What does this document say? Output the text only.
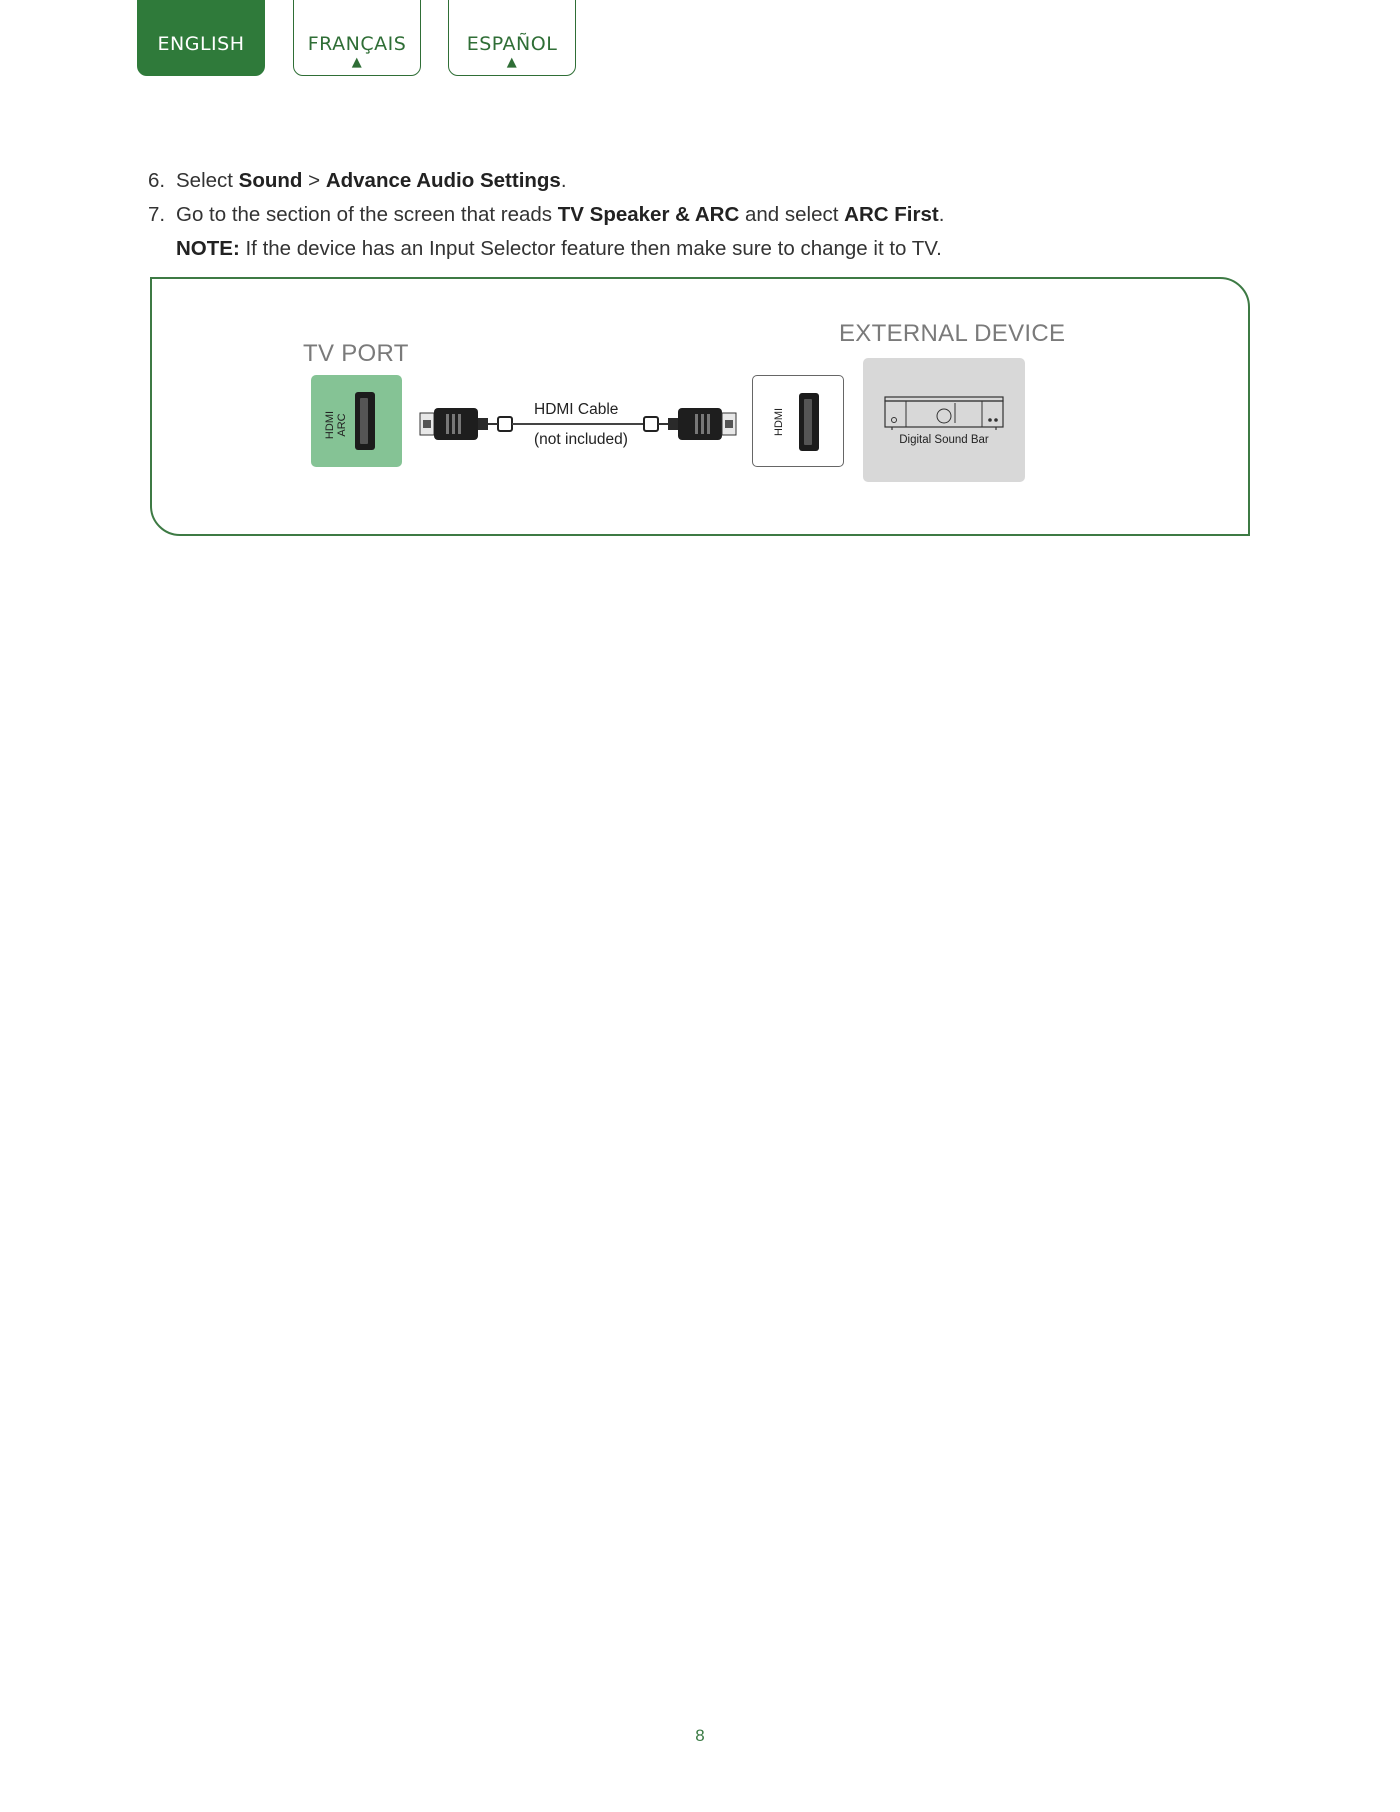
ENGLISH	FRANÇAIS
▲
ESPAÑOL
▲
6. Select Sound > Advance Audio Settings.
7. Go to the section of the screen that reads TV Speaker & ARC and select ARC First.
NOTE: If the device has an Input Selector feature then make sure to change it to TV.
TV PORT
EXTERNAL DEVICE
HDMI
ARC
HDMI Cable
(not included)
HDMI
Digital Sound Bar
8
